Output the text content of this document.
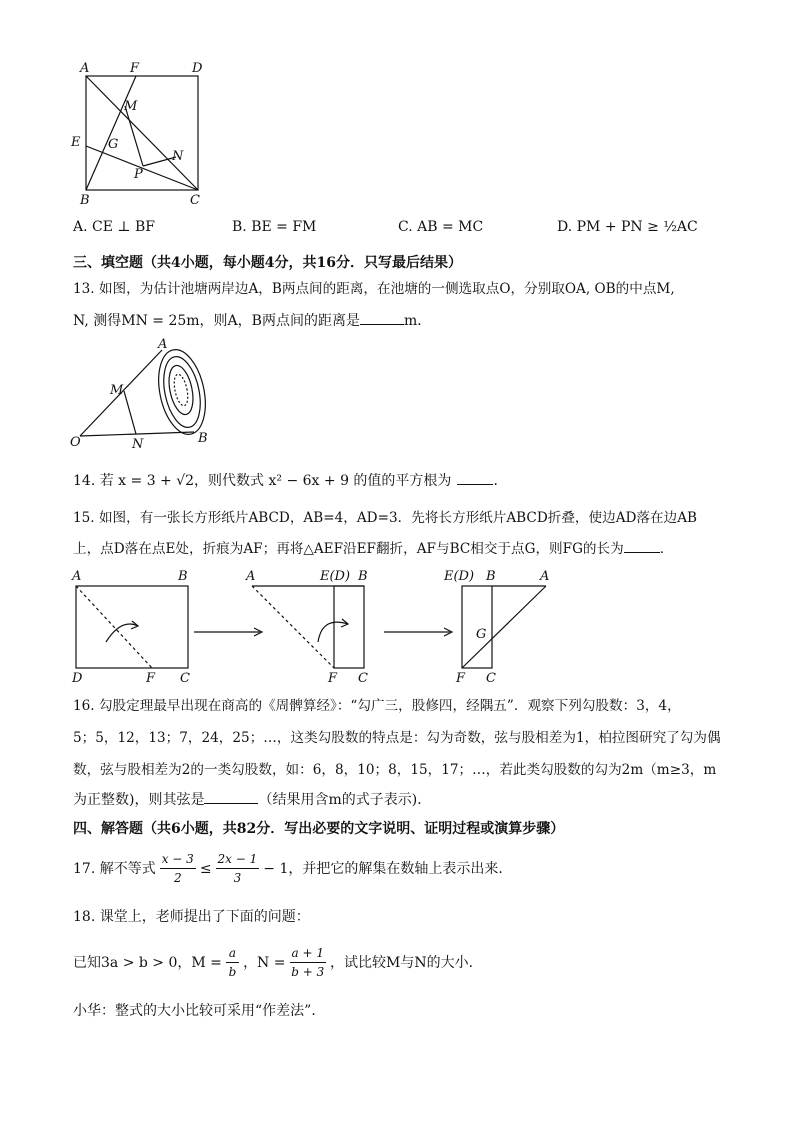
A	F	D
M
E G
N
P
B	C
A. CE ⊥ BF	B. BE = FM	C. AB = MC	D. PM + PN ≥ ½AC
三、填空题（共4小题，每小题4分，共16分．只写最后结果）
13. 如图，为估计池塘两岸边A，B两点间的距离，在池塘的一侧选取点O，分别取OA, OB的中点M,
N, 测得MN = 25m，则A，B两点间的距离是	m．
A
M
O	N	B
14. 若 x = 3 + √2，则代数式 x² − 6x + 9 的值的平方根为	．
15. 如图，有一张长方形纸片ABCD，AB=4，AD=3．先将长方形纸片ABCD折叠，使边AD落在边AB
上，点D落在点E处，折痕为AF；再将△AEF沿EF翻折，AF与BC相交于点G，则FG的长为	．
A	B
D	F C
A	E(D) B
F C
E(D) B	A
G
F C
16. 勾股定理最早出现在商高的《周髀算经》：“勾广三，股修四，经隅五”．观察下列勾股数：3，4，
5；5，12，13；7，24，25；…，这类勾股数的特点是：勾为奇数，弦与股相差为1，柏拉图研究了勾为偶
数，弦与股相差为2的一类勾股数，如：6，8，10；8，15，17；…，若此类勾股数的勾为2m（m≥3，m
为正整数)，则其弦是	（结果用含m的式子表示)．
四、解答题（共6小题，共82分．写出必要的文字说明、证明过程或演算步骤）
17. 解不等式 $\frac{x - 3}{2} \le \frac{2x - 1}{3} - 1$，并把它的解集在数轴上表示出来．
18. 课堂上，老师提出了下面的问题：
已知3a > b > 0，$M = \frac{a}{b}$ ，$N = \frac{a + 1}{b + 3}$ ，试比较M与N的大小．
小华：整式的大小比较可采用“作差法”．
